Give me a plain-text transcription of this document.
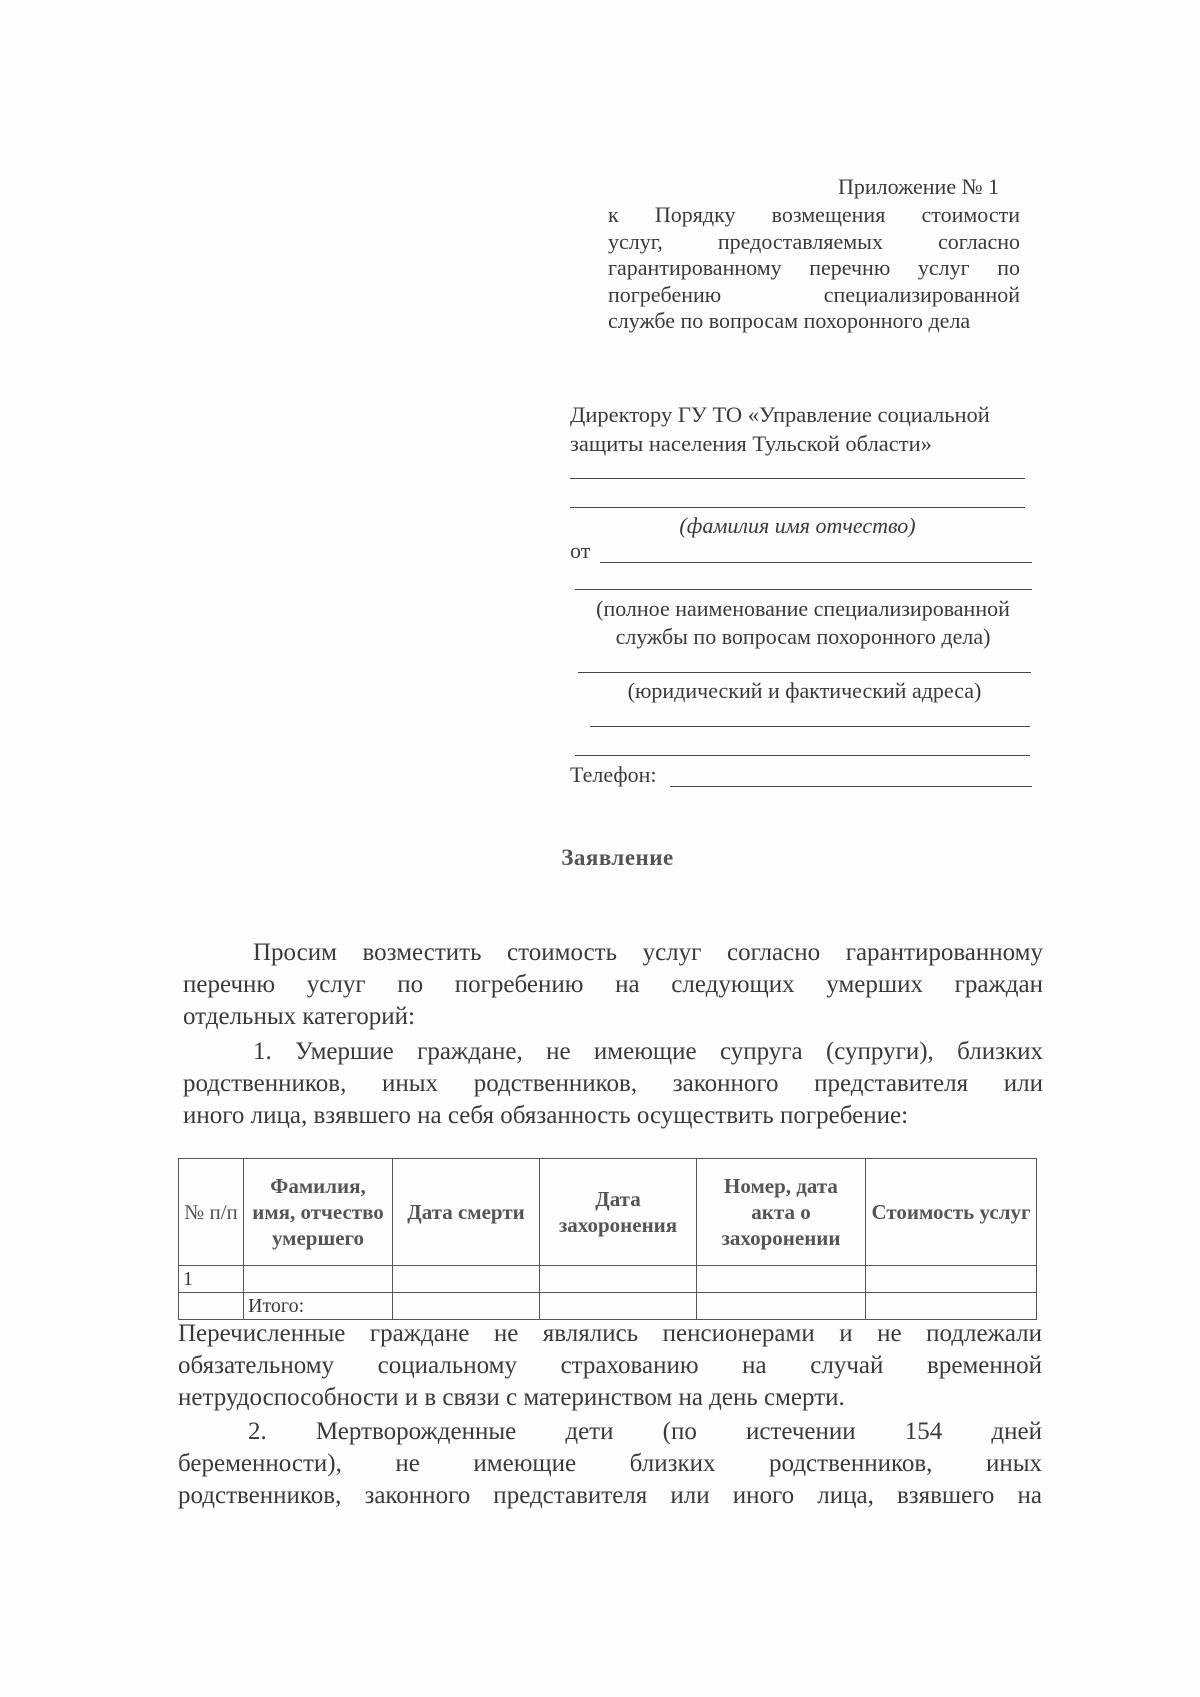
Приложение № 1
к Порядку возмещения стоимости
услуг, предоставляемых согласно
гарантированному перечню услуг по
погребению специализированной
службе по вопросам похоронного дела
Директору ГУ ТО «Управление социальной
защиты населения Тульской области»
(фамилия имя отчество)
от
(полное наименование специализированной
службы по вопросам похоронного дела)
(юридический и фактический адреса)
Телефон:
Заявление
Просим возместить стоимость услуг согласно гарантированному
перечню услуг по погребению на следующих умерших граждан
отдельных категорий:
1. Умершие граждане, не имеющие супруга (супруги), близких
родственников, иных родственников, законного представителя или
иного лица, взявшего на себя обязанность осуществить погребение:
№ п/п	Фамилия, имя, отчество умершего	Дата смерти	Дата захоронения	Номер, дата акта о захоронении	Стоимость услуг
1					
	Итого:				
Перечисленные граждане не являлись пенсионерами и не подлежали
обязательному социальному страхованию на случай временной
нетрудоспособности и в связи с материнством на день смерти.
2. Мертворожденные дети (по истечении 154 дней
беременности), не имеющие близких родственников, иных
родственников, законного представителя или иного лица, взявшего на
